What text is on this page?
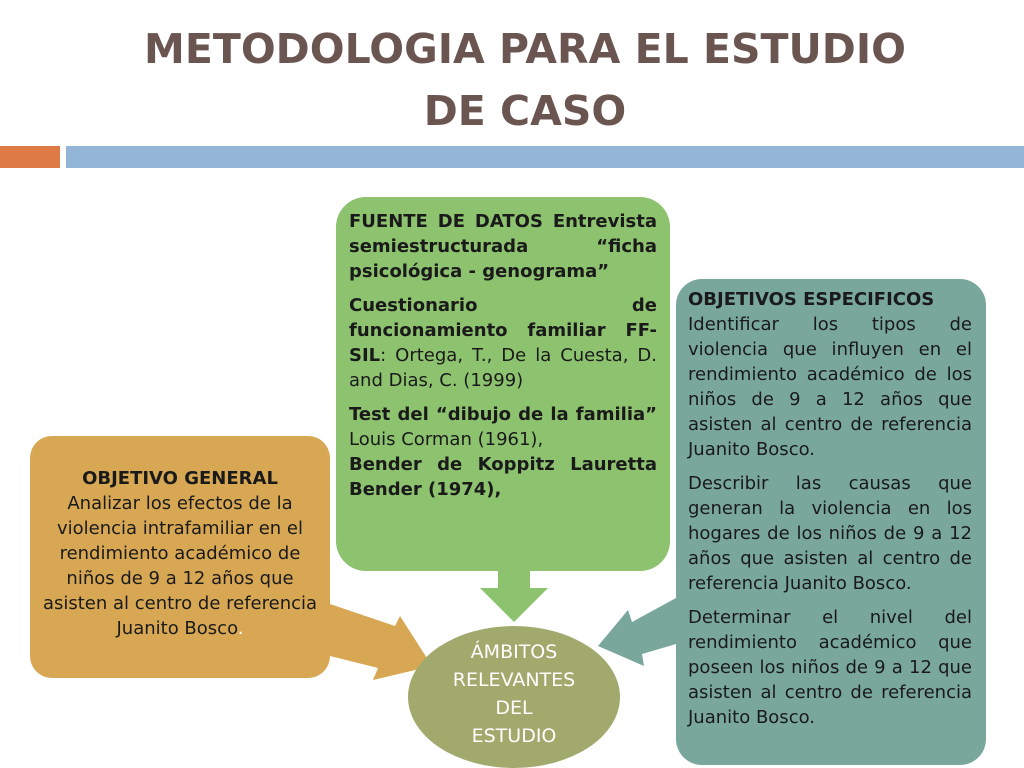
METODOLOGIA PARA EL ESTUDIO
DE CASO
OBJETIVO GENERAL
Analizar los efectos de la violencia intrafamiliar en el rendimiento académico de niños de 9 a 12 años que asisten al centro de referencia Juanito Bosco.

FUENTE DE DATOS Entrevista semiestructurada “ficha psicológica - genograma”

Cuestionario de funcionamiento familiar FF-SIL: Ortega, T., De la Cuesta, D. and Dias, C. (1999)

Test del “dibujo de la familia” Louis Corman (1961),
Bender de Koppitz Lauretta Bender (1974),

OBJETIVOS ESPECIFICOS
Identificar los tipos de violencia que influyen en el rendimiento académico de los niños de 9 a 12 años que asisten al centro de referencia Juanito Bosco.

Describir las causas que generan la violencia en los hogares de los niños de 9 a 12 años que asisten al centro de referencia Juanito Bosco.

Determinar el nivel del rendimiento académico que poseen los niños de 9 a 12 que asisten al centro de referencia Juanito Bosco.

ÁMBITOS
RELEVANTES
DEL
ESTUDIO
